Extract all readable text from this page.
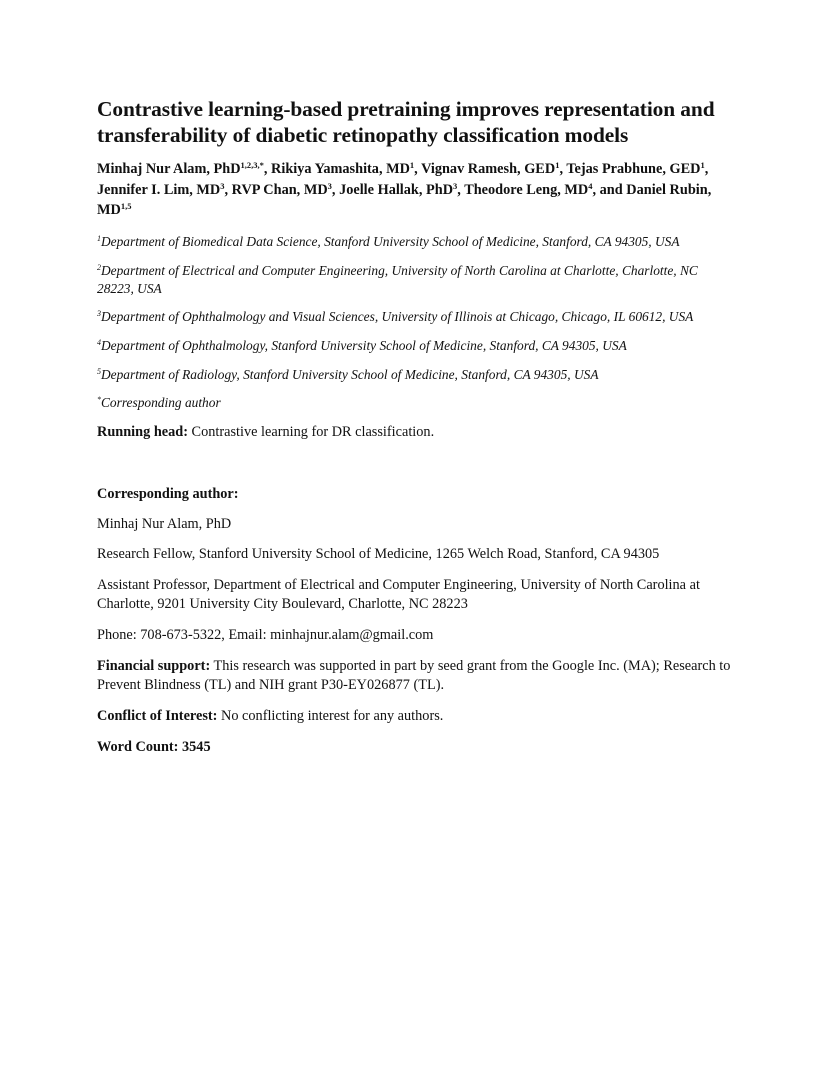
Contrastive learning-based pretraining improves representation and transferability of diabetic retinopathy classification models

Minhaj Nur Alam, PhD$^{1,2,3,*}$, Rikiya Yamashita, $MD^1$, Vignav Ramesh, GED$^1$, Tejas Prabhune, GED$^1$, Jennifer I. Lim, $MD^3$, RVP Chan, $MD^3$, Joelle Hallak, PhD$^3$, Theodore Leng, $MD^4$, and Daniel Rubin, MD$^{1,5}$

$^1$Department of Biomedical Data Science, Stanford University School of Medicine, Stanford, CA 94305, USA

$^2$Department of Electrical and Computer Engineering, University of North Carolina at Charlotte, Charlotte, NC 28223, USA

$^3$Department of Ophthalmology and Visual Sciences, University of Illinois at Chicago, Chicago, IL 60612, USA

$^4$Department of Ophthalmology, Stanford University School of Medicine, Stanford, CA 94305, USA

$^5$Department of Radiology, Stanford University School of Medicine, Stanford, CA 94305, USA

*Corresponding author

Running head: Contrastive learning for DR classification.

Corresponding author:

Minhaj Nur Alam, PhD

Research Fellow, Stanford University School of Medicine, 1265 Welch Road, Stanford, CA 94305

Assistant Professor, Department of Electrical and Computer Engineering, University of North Carolina at Charlotte, 9201 University City Boulevard, Charlotte, NC 28223

Phone: 708-673-5322, Email: minhajnur.alam@gmail.com

Financial support: This research was supported in part by seed grant from the Google Inc. (MA); Research to Prevent Blindness (TL) and NIH grant P30-EY026877 (TL).

Conflict of Interest: No conflicting interest for any authors.

Word Count: 3545
